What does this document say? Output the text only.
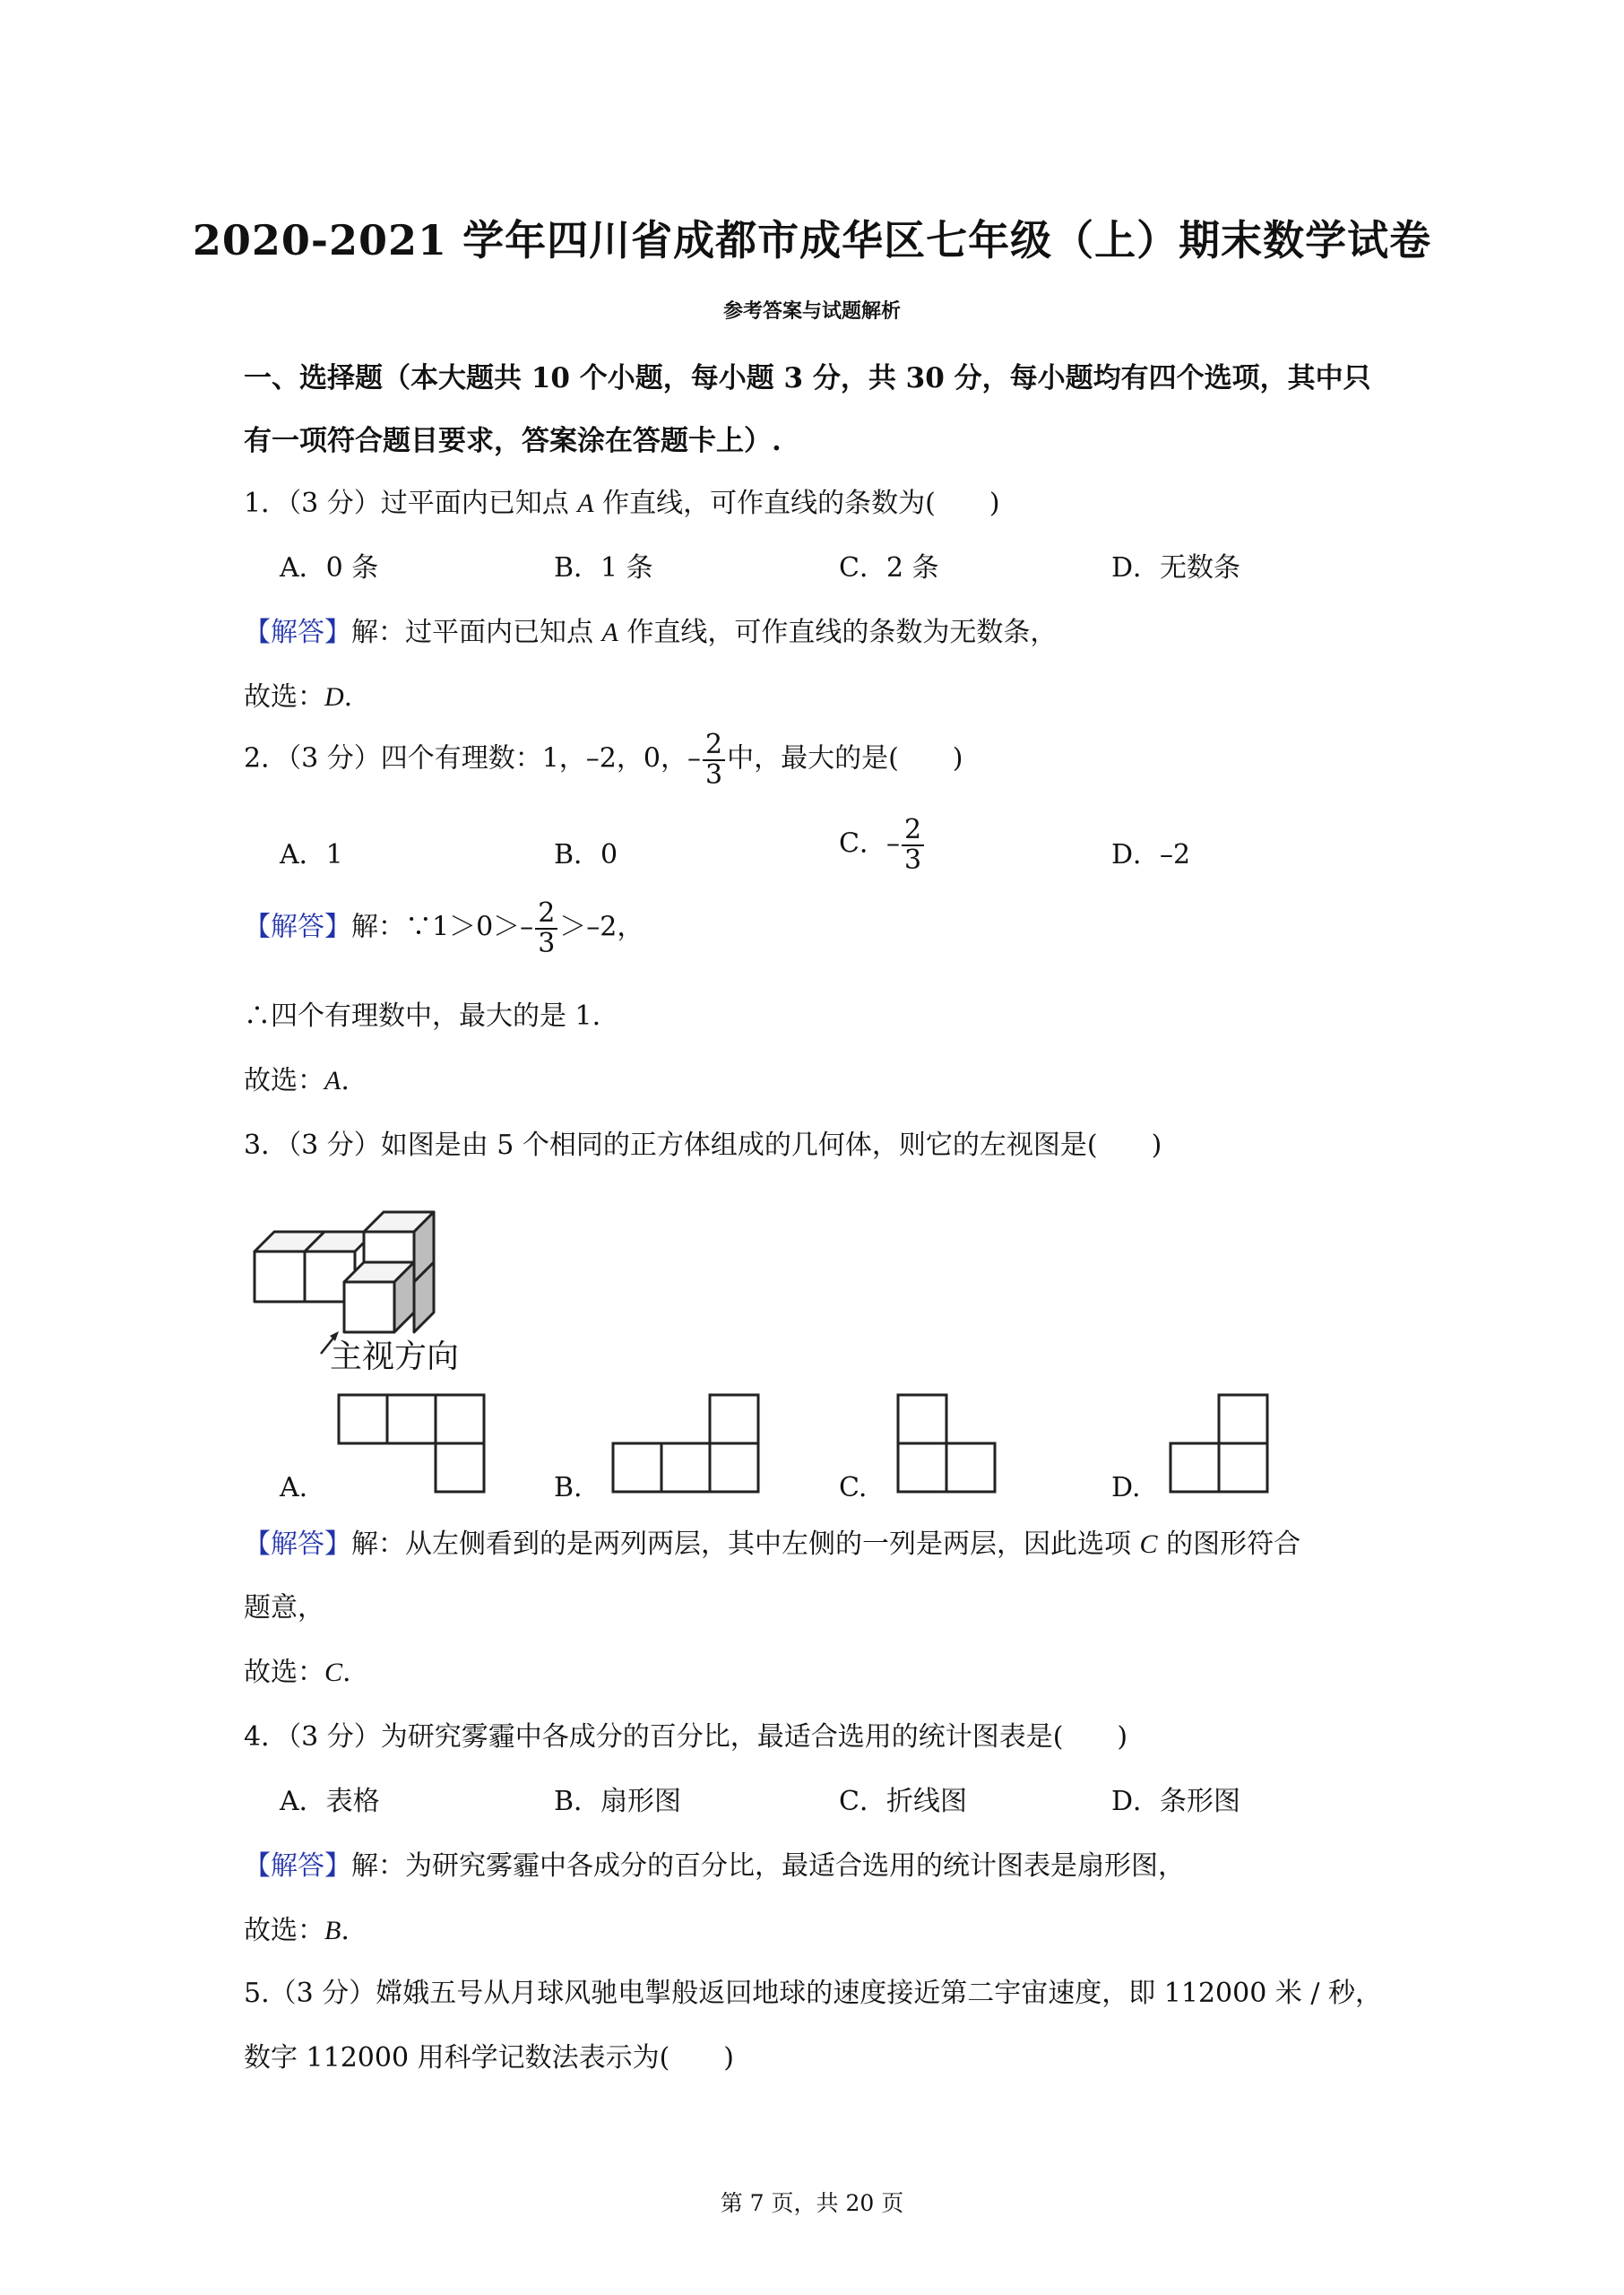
2020-2021 学年四川省成都市成华区七年级（上）期末数学试卷
参考答案与试题解析
一、选择题（本大题共 10 个小题，每小题 3 分，共 30 分，每小题均有四个选项，其中只
有一项符合题目要求，答案涂在答题卡上）.
1．（3 分）过平面内已知点 A 作直线，可作直线的条数为(　　)
A．0 条	B．1 条	C．2 条	D．无数条
【解答】解：过平面内已知点 A 作直线，可作直线的条数为无数条，
故选：D.
2．（3 分）四个有理数：1，–2，0，– $\frac{2}{3}$ 中，最大的是(　　)
A．1	B．0	C．– $\frac{2}{3}$	D．–2
【解答】解：∵1＞0＞– $\frac{2}{3} >-2$，
∴四个有理数中，最大的是 1.
故选：A.
3．（3 分）如图是由 5 个相同的正方体组成的几何体，则它的左视图是(　　)
主视方向
A.	B.	C.	D.
【解答】解：从左侧看到的是两列两层，其中左侧的一列是两层，因此选项 C 的图形符合
题意，
故选：C.
4．（3 分）为研究雾霾中各成分的百分比，最适合选用的统计图表是(　　)
A．表格	B．扇形图	C．折线图	D．条形图
【解答】解：为研究雾霾中各成分的百分比，最适合选用的统计图表是扇形图，
故选：B.
5.（3 分）嫦娥五号从月球风驰电掣般返回地球的速度接近第二宇宙速度，即 112000 米 / 秒，
数字 112000 用科学记数法表示为(　　)
第 7 页，共 20 页
